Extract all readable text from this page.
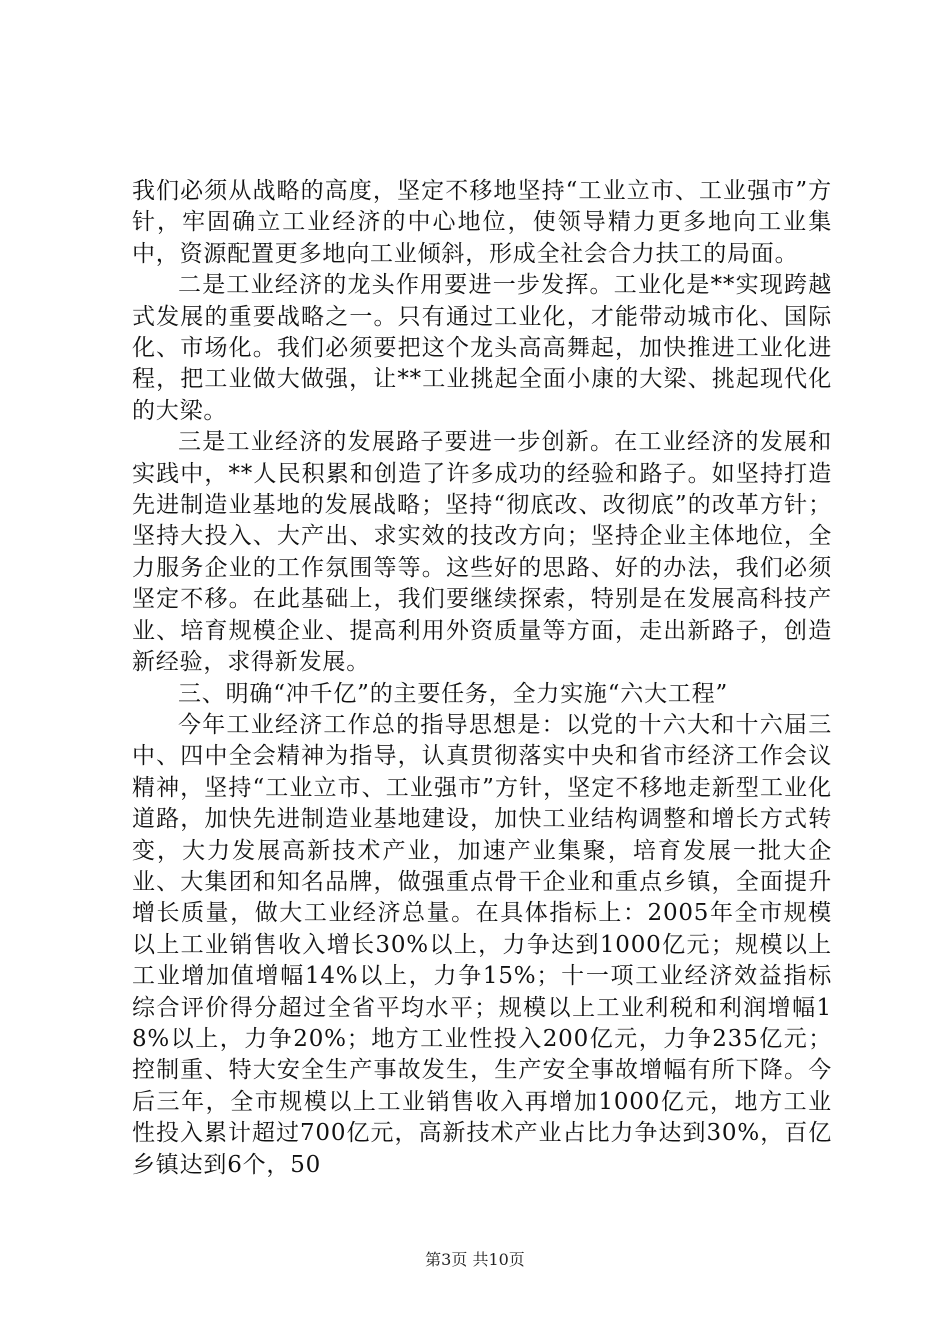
我们必须从战略的高度，坚定不移地坚持“工业立市、工业强市”方针，牢固确立工业经济的中心地位，使领导精力更多地向工业集中，资源配置更多地向工业倾斜，形成全社会合力扶工的局面。

二是工业经济的龙头作用要进一步发挥。工业化是**实现跨越式发展的重要战略之一。只有通过工业化，才能带动城市化、国际化、市场化。我们必须要把这个龙头高高舞起，加快推进工业化进程，把工业做大做强，让**工业挑起全面小康的大梁、挑起现代化的大梁。

三是工业经济的发展路子要进一步创新。在工业经济的发展和实践中，**人民积累和创造了许多成功的经验和路子。如坚持打造先进制造业基地的发展战略；坚持“彻底改、改彻底”的改革方针；坚持大投入、大产出、求实效的技改方向；坚持企业主体地位，全力服务企业的工作氛围等等。这些好的思路、好的办法，我们必须坚定不移。在此基础上，我们要继续探索，特别是在发展高科技产业、培育规模企业、提高利用外资质量等方面，走出新路子，创造新经验，求得新发展。

三、明确“冲千亿”的主要任务，全力实施“六大工程”

今年工业经济工作总的指导思想是：以党的十六大和十六届三中、四中全会精神为指导，认真贯彻落实中央和省市经济工作会议精神，坚持“工业立市、工业强市”方针，坚定不移地走新型工业化道路，加快先进制造业基地建设，加快工业结构调整和增长方式转变，大力发展高新技术产业，加速产业集聚，培育发展一批大企业、大集团和知名品牌，做强重点骨干企业和重点乡镇，全面提升增长质量，做大工业经济总量。在具体指标上：2005年全市规模以上工业销售收入增长30%以上，力争达到1000亿元；规模以上工业增加值增幅14%以上，力争15%；十一项工业经济效益指标综合评价得分超过全省平均水平；规模以上工业利税和利润增幅18%以上，力争20%；地方工业性投入200亿元，力争235亿元；控制重、特大安全生产事故发生，生产安全事故增幅有所下降。今后三年，全市规模以上工业销售收入再增加1000亿元，地方工业性投入累计超过700亿元，高新技术产业占比力争达到30%，百亿乡镇达到6个，50

第3页 共10页
